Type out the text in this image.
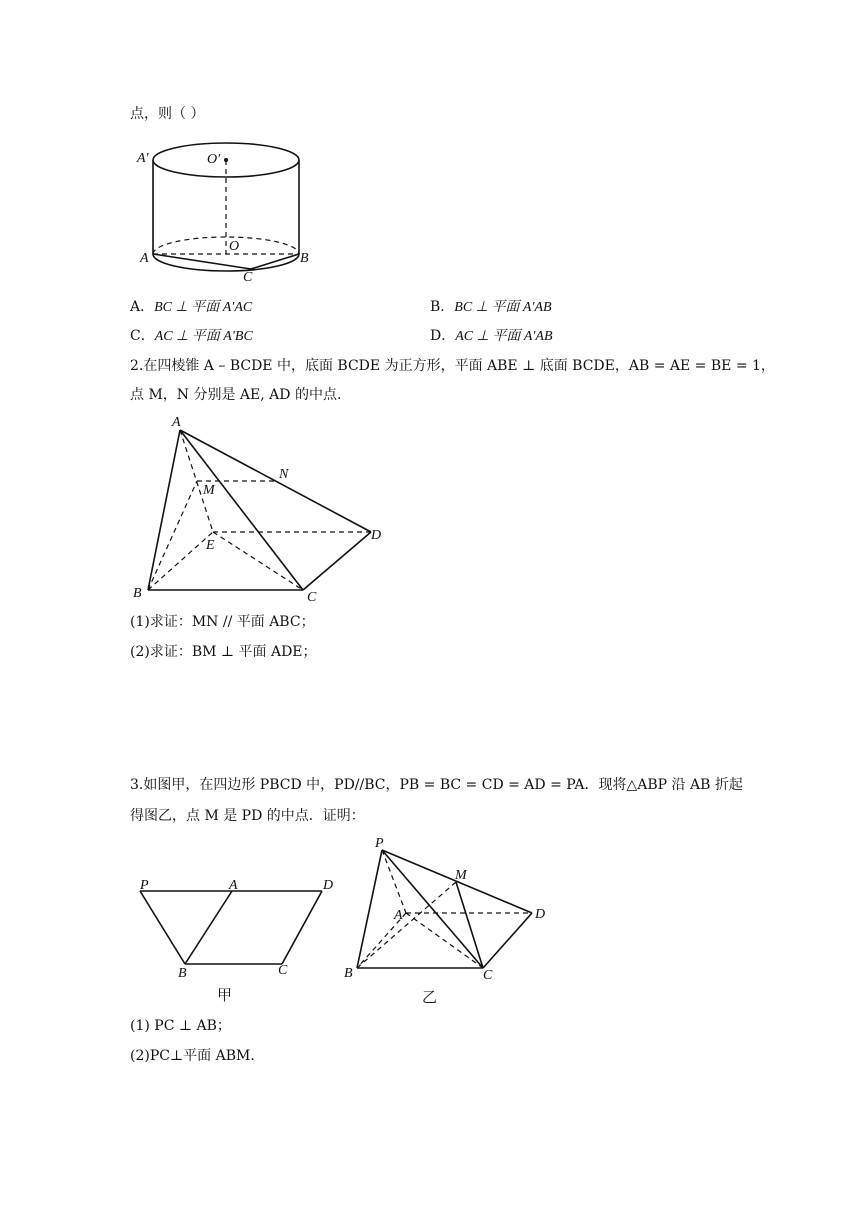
点，则（ ）
A′	O′
O
A	B
C
A．BC ⊥ 平面 A′AC	B．BC ⊥ 平面 A′AB
C．AC ⊥ 平面 A′BC	D．AC ⊥ 平面 A′AB
2.在四棱锥 A – BCDE 中，底面 BCDE 为正方形，平面 ABE ⊥ 底面 BCDE，AB = AE = BE = 1，
点 M，N 分别是 AE, AD 的中点.
A
N
M
E
D
B	C
(1)求证：MN // 平面 ABC；
(2)求证：BM ⊥ 平面 ADE；
3.如图甲，在四边形 PBCD 中，PD//BC，PB = BC = CD = AD = PA．现将△ABP 沿 AB 折起
得图乙，点 M 是 PD 的中点．证明：
P	A	D
B	C
甲
P
M
A	D
B	C
乙
(1) PC ⊥ AB；
(2)PC⊥平面 ABM.
